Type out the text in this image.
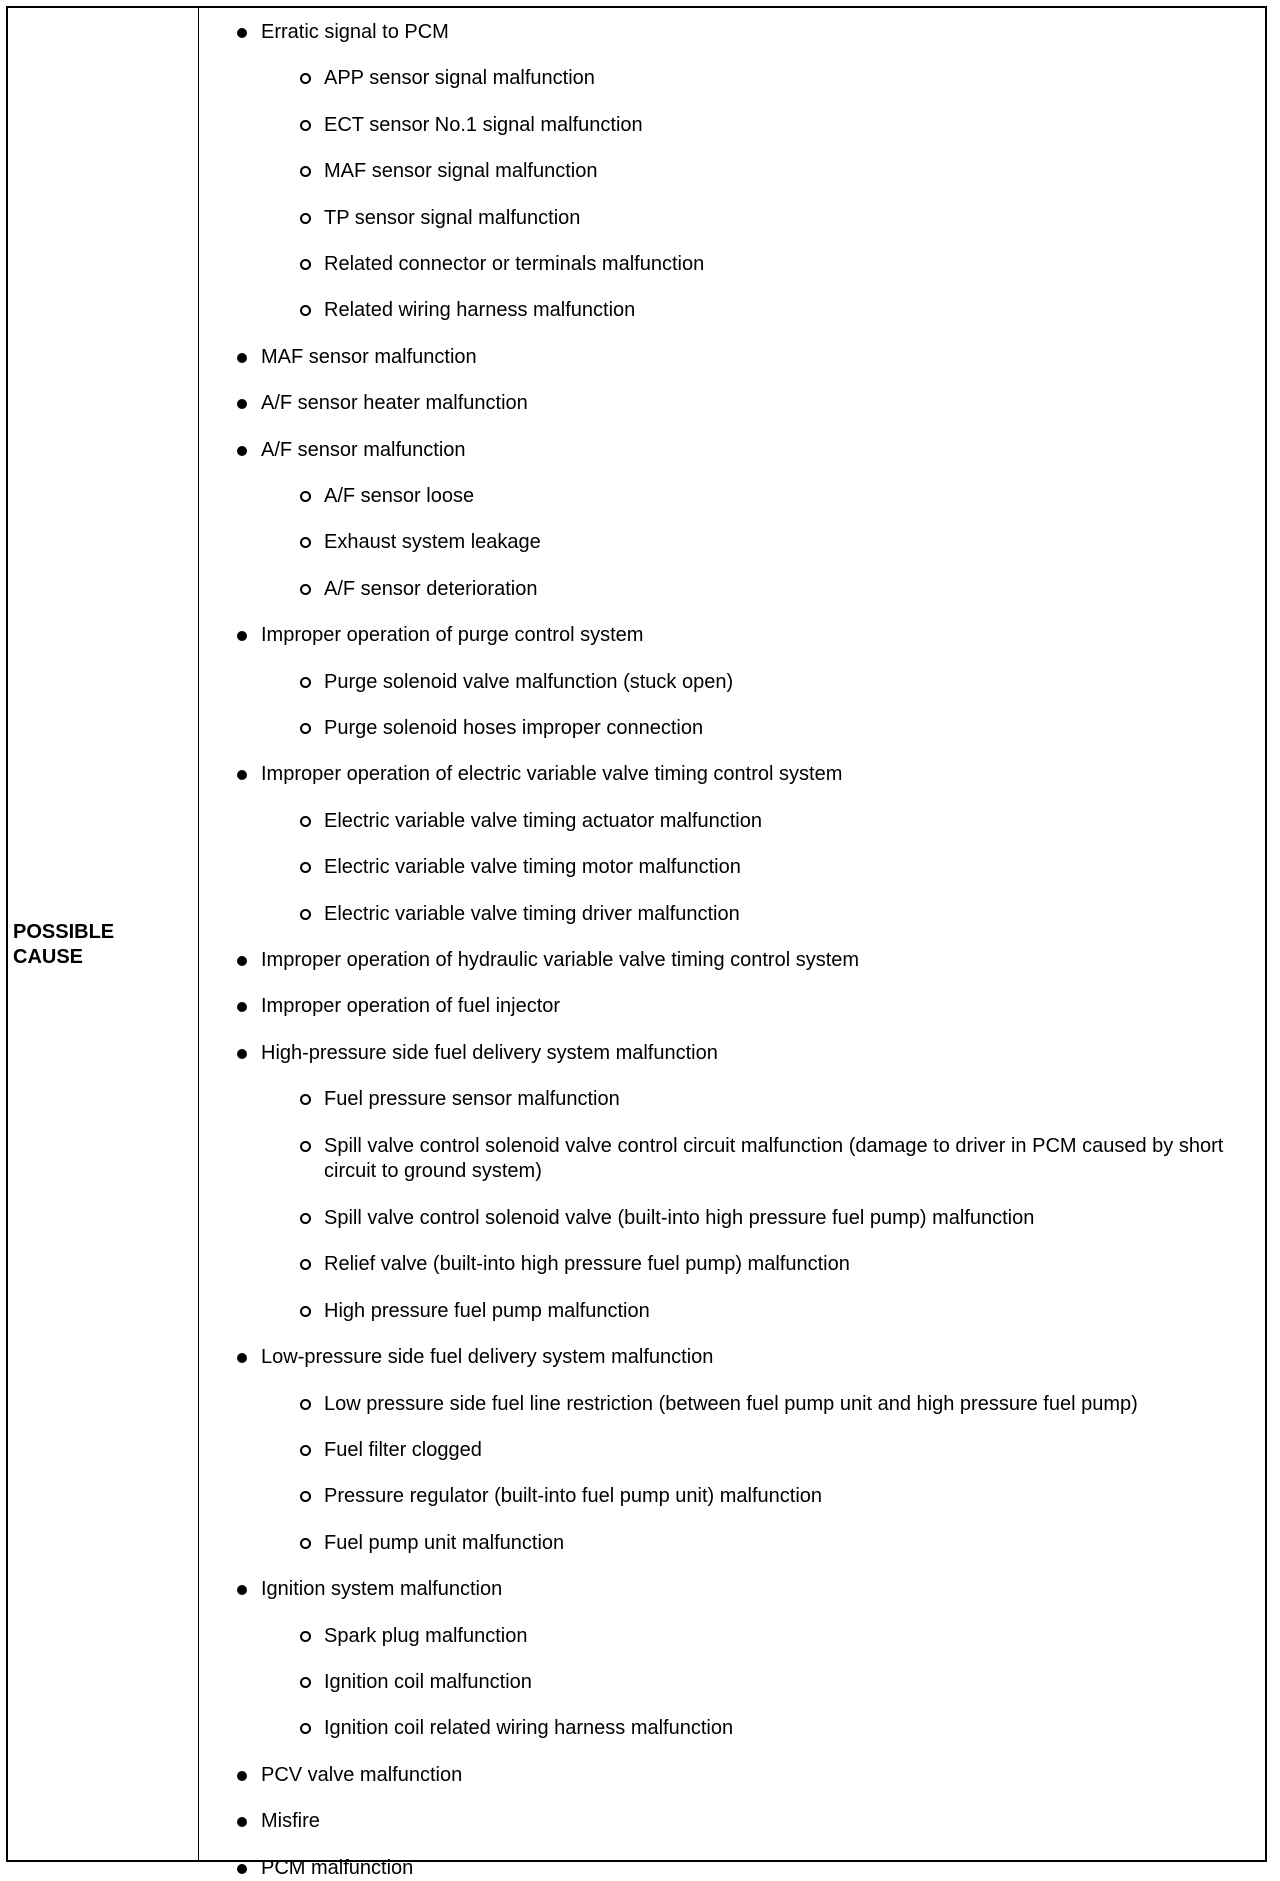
POSSIBLE
CAUSE
Erratic signal to PCM
APP sensor signal malfunction
ECT sensor No.1 signal malfunction
MAF sensor signal malfunction
TP sensor signal malfunction
Related connector or terminals malfunction
Related wiring harness malfunction
MAF sensor malfunction
A/F sensor heater malfunction
A/F sensor malfunction
A/F sensor loose
Exhaust system leakage
A/F sensor deterioration
Improper operation of purge control system
Purge solenoid valve malfunction (stuck open)
Purge solenoid hoses improper connection
Improper operation of electric variable valve timing control system
Electric variable valve timing actuator malfunction
Electric variable valve timing motor malfunction
Electric variable valve timing driver malfunction
Improper operation of hydraulic variable valve timing control system
Improper operation of fuel injector
High-pressure side fuel delivery system malfunction
Fuel pressure sensor malfunction
Spill valve control solenoid valve control circuit malfunction (damage to driver in PCM caused by short circuit to ground system)
Spill valve control solenoid valve (built-into high pressure fuel pump) malfunction
Relief valve (built-into high pressure fuel pump) malfunction
High pressure fuel pump malfunction
Low-pressure side fuel delivery system malfunction
Low pressure side fuel line restriction (between fuel pump unit and high pressure fuel pump)
Fuel filter clogged
Pressure regulator (built-into fuel pump unit) malfunction
Fuel pump unit malfunction
Ignition system malfunction
Spark plug malfunction
Ignition coil malfunction
Ignition coil related wiring harness malfunction
PCV valve malfunction
Misfire
PCM malfunction
